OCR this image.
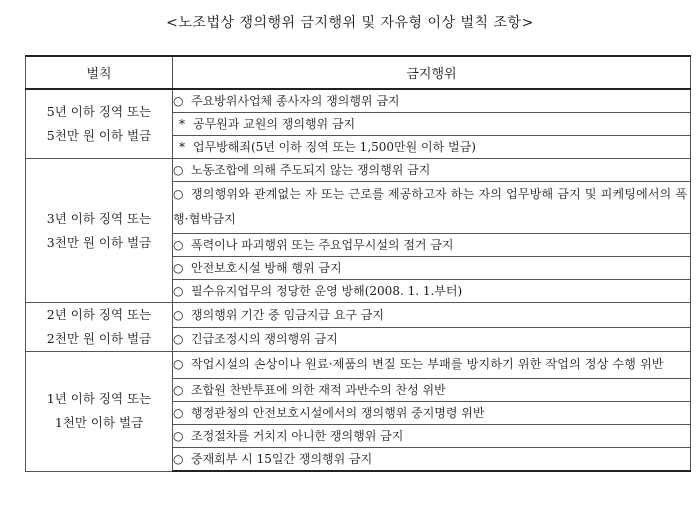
<노조법상 쟁의행위 금지행위 및 자유형 이상 벌칙 조항>
벌칙	금지행위

5년 이하 징역 또는
5천만 원 이하 벌금	○ 주요방위사업체 종사자의 쟁의행위 금지
	* 공무원과 교원의 쟁의행위 금지
	* 업무방해죄(5년 이하 징역 또는 1,500만원 이하 벌금)

3년 이하 징역 또는
3천만 원 이하 벌금	○ 노동조합에 의해 주도되지 않는 쟁의행위 금지
	○ 쟁의행위와 관계없는 자 또는 근로를 제공하고자 하는 자의 업무방해 금지 및 피케팅에서의 폭행·협박금지
	○ 폭력이나 파괴행위 또는 주요업무시설의 점거 금지
	○ 안전보호시설 방해 행위 금지
	○ 필수유지업무의 정당한 운영 방해(2008. 1. 1.부터)

2년 이하 징역 또는
2천만 원 이하 벌금	○ 쟁의행위 기간 중 임금지급 요구 금지
	○ 긴급조정시의 쟁의행위 금지

1년 이하 징역 또는
1천만 이하 벌금	○ 작업시설의 손상이나 원료·제품의 변질 또는 부패를 방지하기 위한 작업의 정상 수행 위반
	○ 조합원 찬반투표에 의한 재적 과반수의 찬성 위반
	○ 행정관청의 안전보호시설에서의 쟁의행위 중지명령 위반
	○ 조정절차를 거치지 아니한 쟁의행위 금지
	○ 중재회부 시 15일간 쟁의행위 금지
